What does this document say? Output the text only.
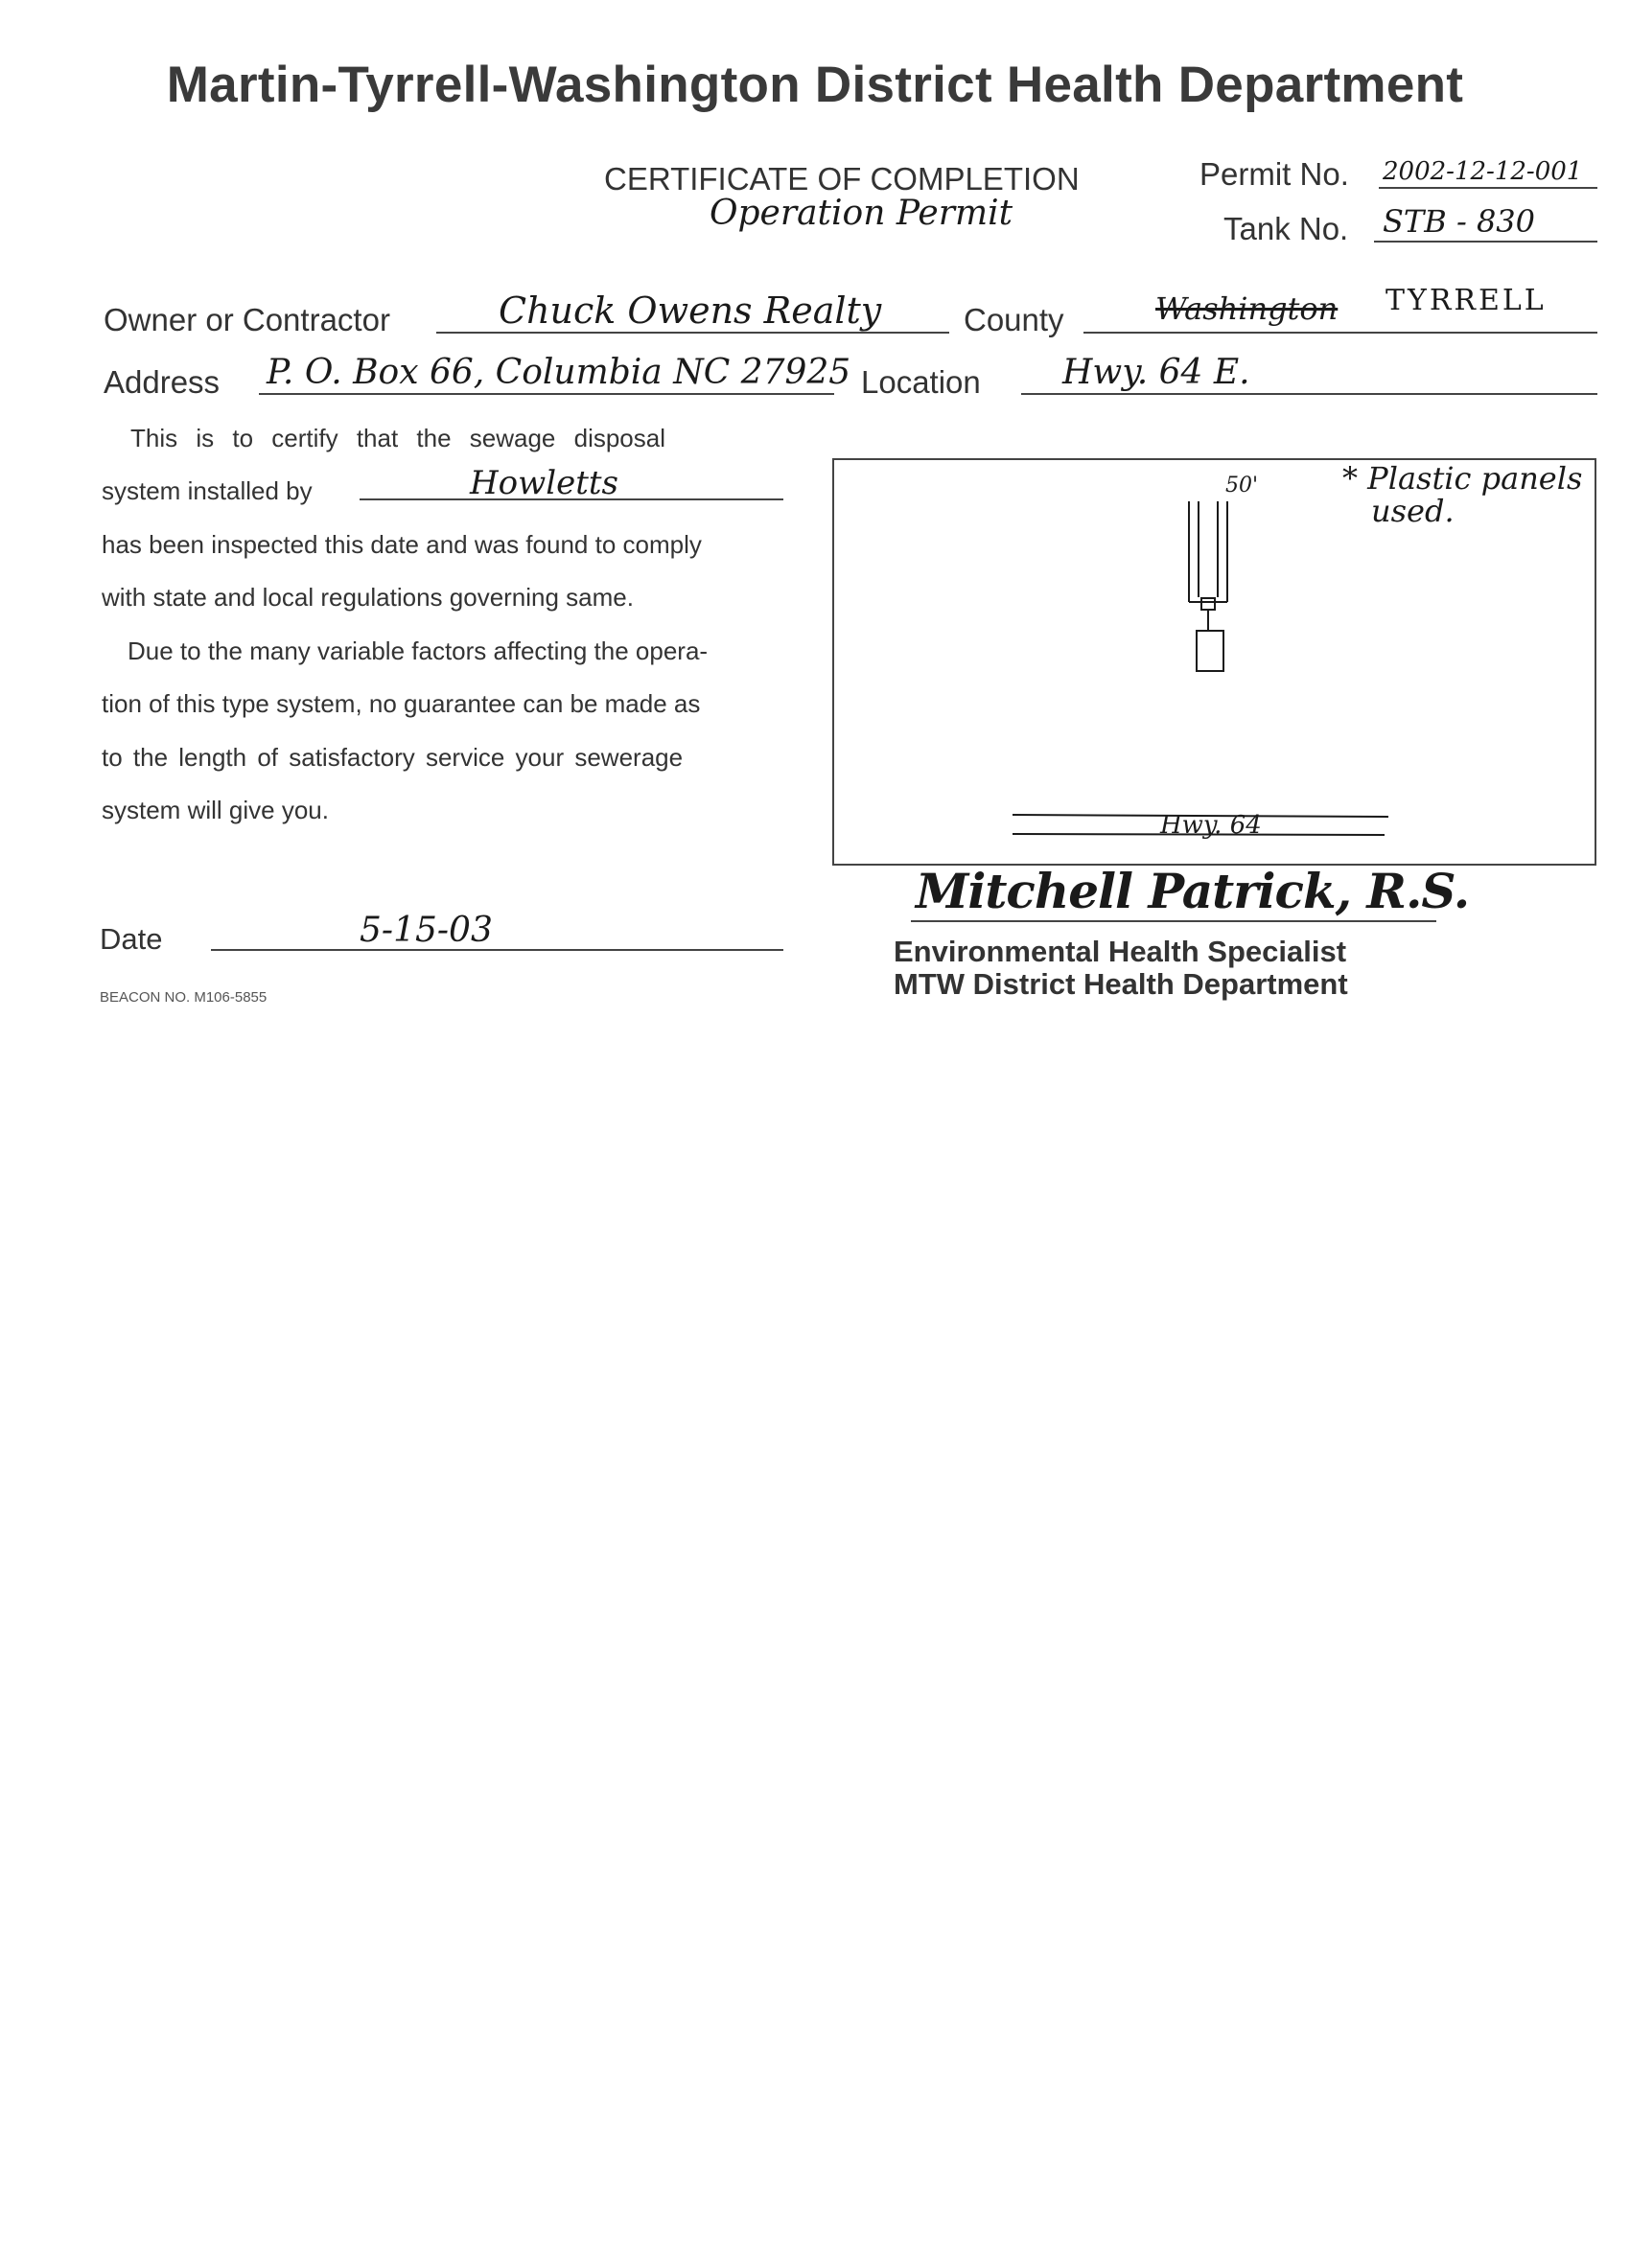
Martin-Tyrrell-Washington District Health Department
CERTIFICATE OF COMPLETION
Operation Permit
Permit No. 2002-12-12-001
Tank No. STB - 830
Owner or Contractor	Chuck Owens Realty	County	Washington TYRRELL
Address P. O. Box 66, Columbia NC 27925 Location Hwy. 64 E.
This is to certify that the sewage disposal
system installed by	Howletts
has been inspected this date and was found to comply
with state and local regulations governing same.
Due to the many variable factors affecting the opera-
tion of this type system, no guarantee can be made as
to the length of satisfactory service your sewerage
system will give you.
50'	* Plastic panels
used.
Hwy. 64
Mitchell Patrick, R.S.
Environmental Health Specialist
MTW District Health Department
Date	5-15-03
BEACON NO. M106-5855
